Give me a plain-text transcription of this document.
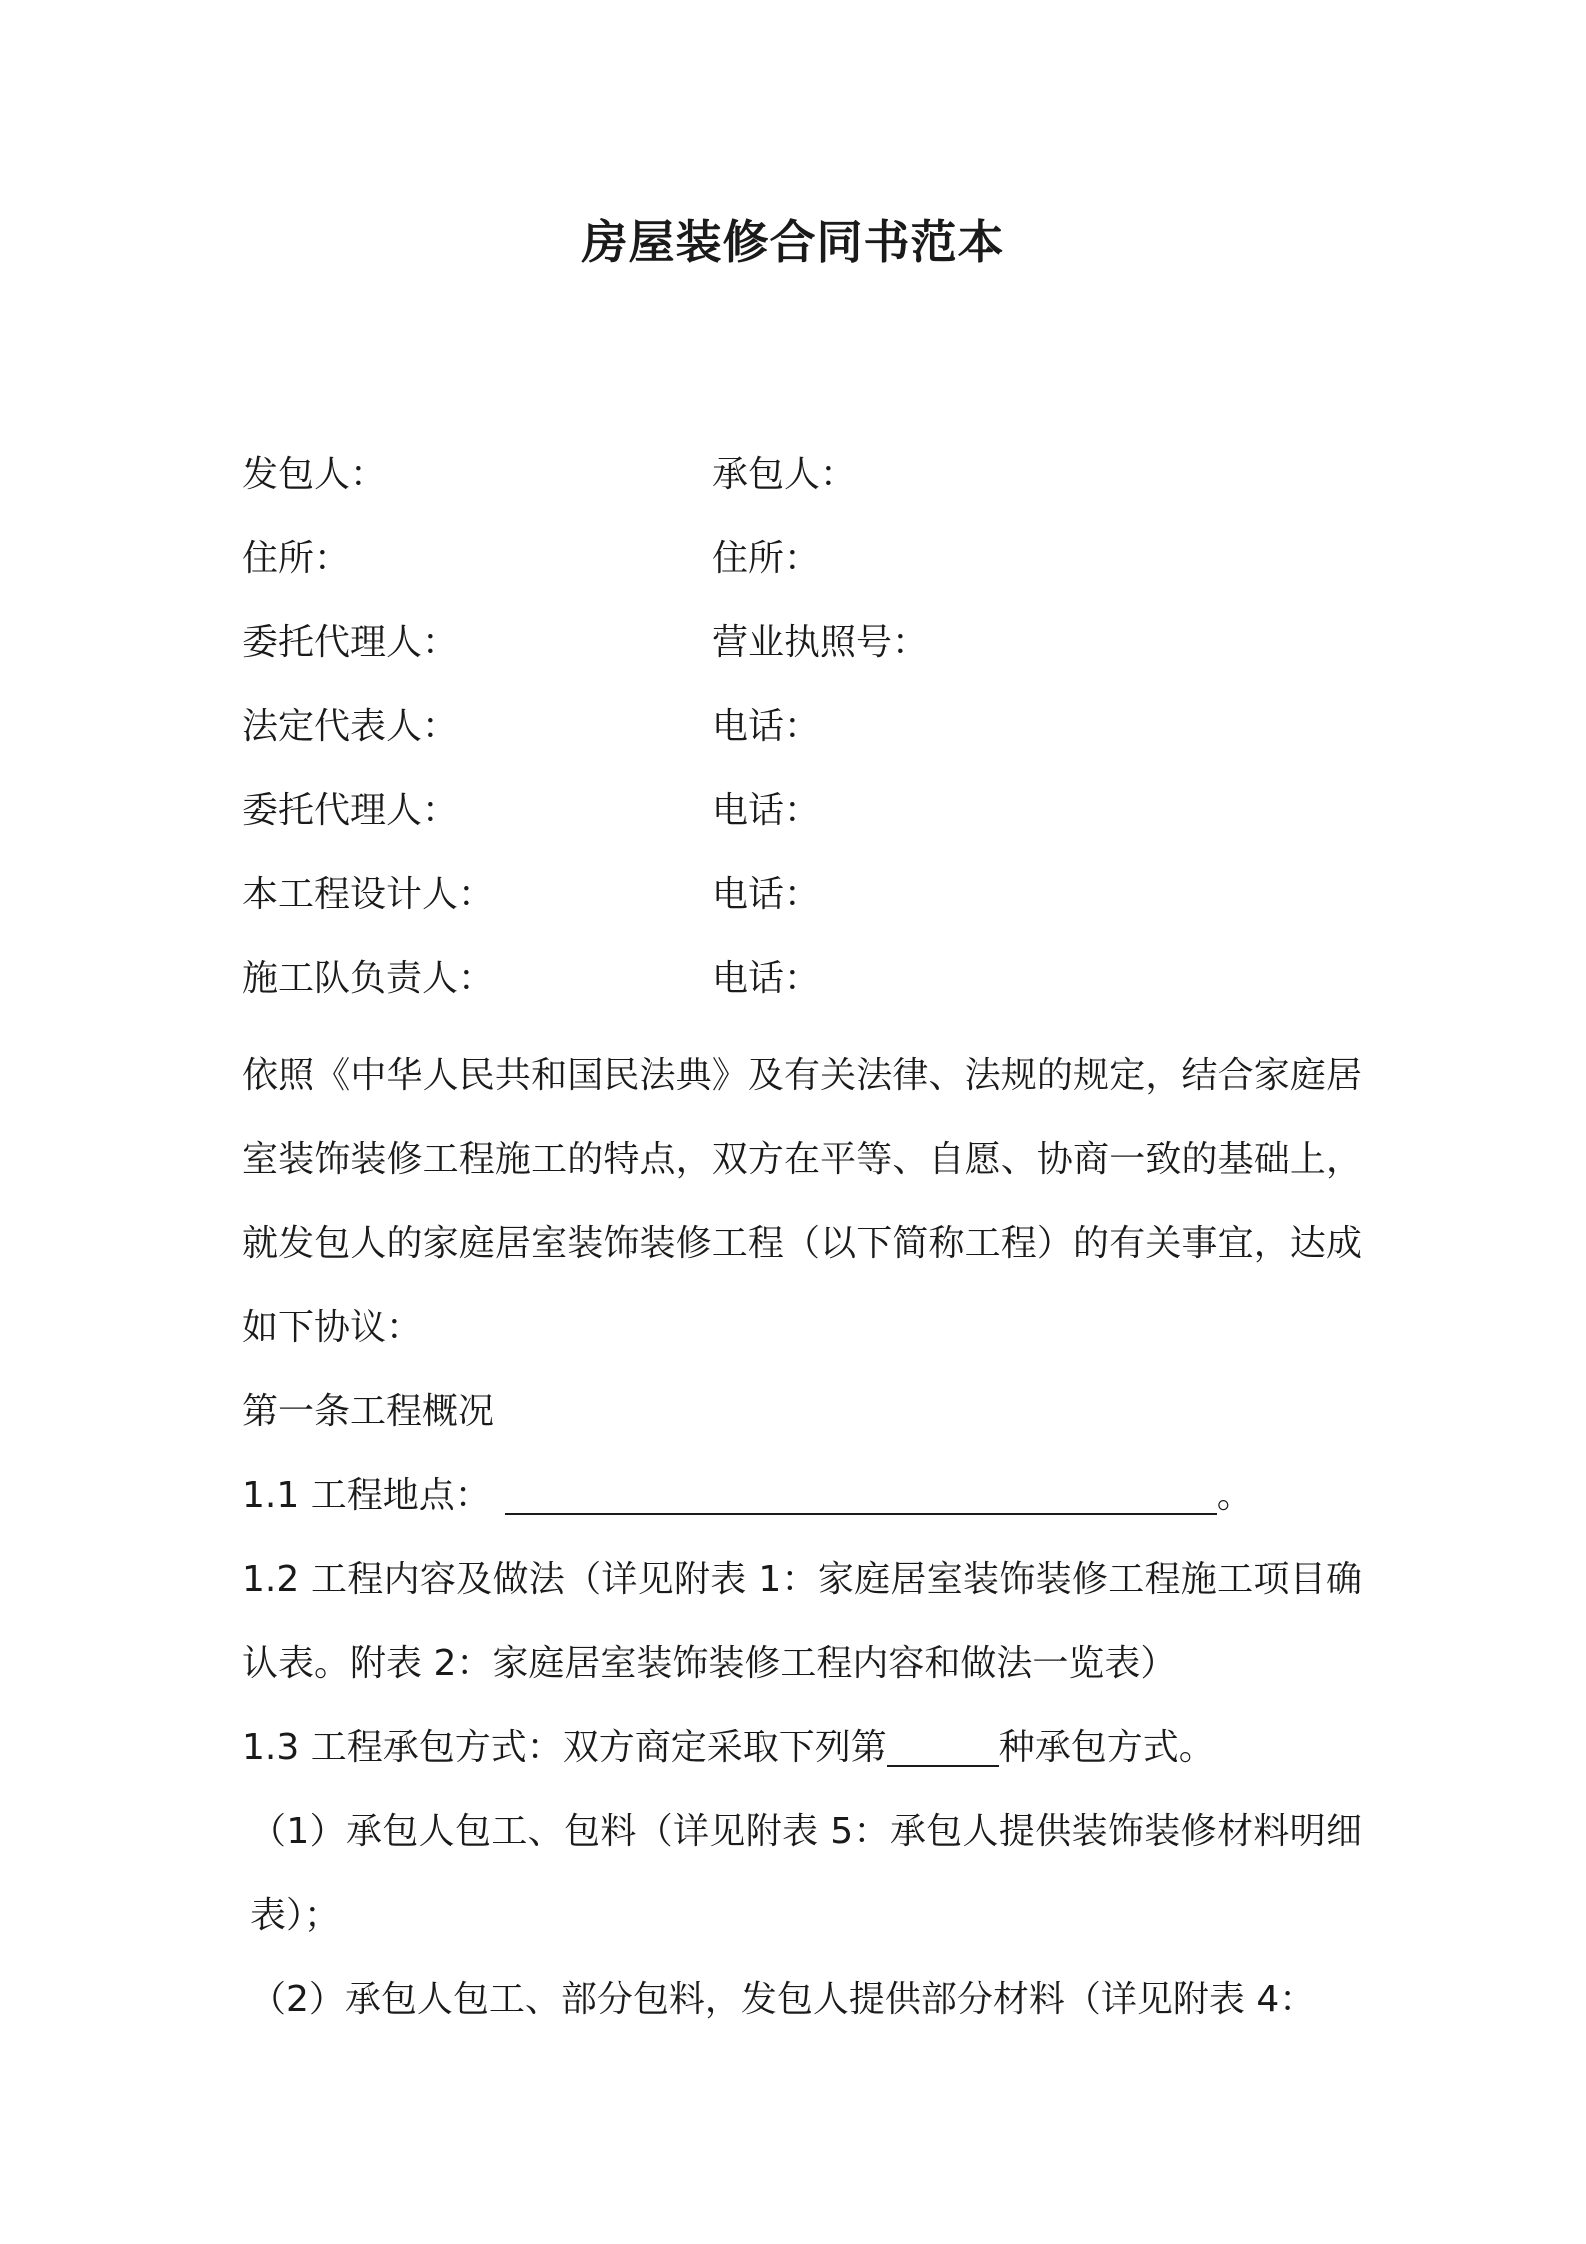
房屋装修合同书范本
发包人：	承包人：
住所：	住所：
委托代理人：	营业执照号：
法定代表人：	电话：
委托代理人：	电话：
本工程设计人：	电话：
施工队负责人：	电话：

依照《中华人民共和国民法典》及有关法律、法规的规定，结合家庭居室装饰装修工程施工的特点，双方在平等、自愿、协商一致的基础上，就发包人的家庭居室装饰装修工程（以下简称工程）的有关事宜，达成如下协议：

第一条工程概况

1.1 工程地点：	。

1.2 工程内容及做法（详见附表 1：家庭居室装饰装修工程施工项目确认表。附表 2：家庭居室装饰装修工程内容和做法一览表）

1.3 工程承包方式：双方商定采取下列第	种承包方式。

（1）承包人包工、包料（详见附表 5：承包人提供装饰装修材料明细表）；

（2）承包人包工、部分包料，发包人提供部分材料（详见附表 4：
